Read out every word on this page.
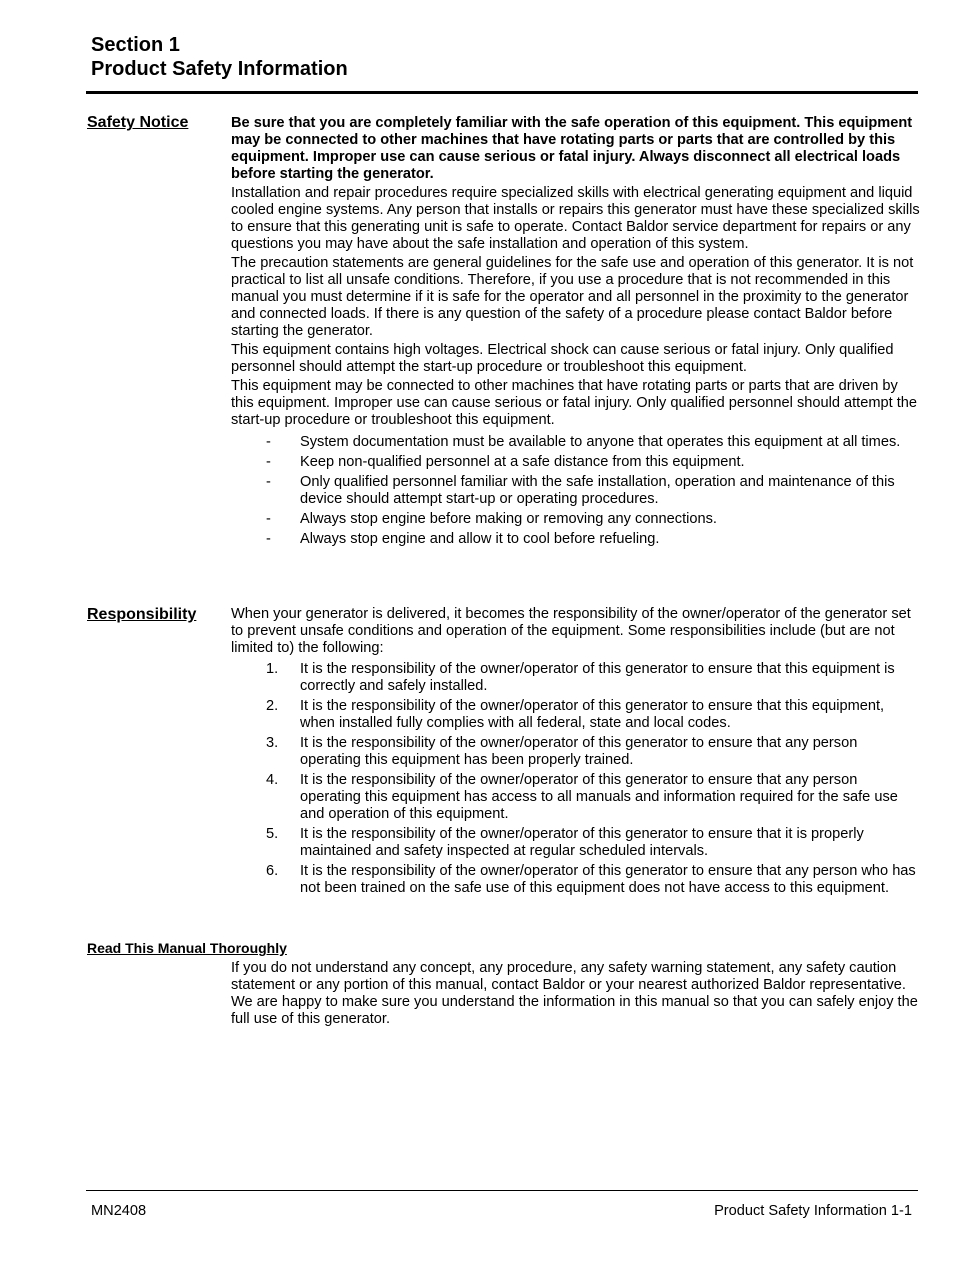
Section 1
Product Safety Information
Safety Notice	Be sure that you are completely familiar with the safe operation of this equipment. This equipment may be connected to other machines that have rotating parts or parts that are controlled by this equipment. Improper use can cause serious or fatal injury. Always disconnect all electrical loads before starting the generator.

Installation and repair procedures require specialized skills with electrical generating equipment and liquid cooled engine systems. Any person that installs or repairs this generator must have these specialized skills to ensure that this generating unit is safe to operate. Contact Baldor service department for repairs or any questions you may have about the safe installation and operation of this system.

The precaution statements are general guidelines for the safe use and operation of this generator. It is not practical to list all unsafe conditions. Therefore, if you use a procedure that is not recommended in this manual you must determine if it is safe for the operator and all personnel in the proximity to the generator and connected loads. If there is any question of the safety of a procedure please contact Baldor before starting the generator.

This equipment contains high voltages. Electrical shock can cause serious or fatal injury. Only qualified personnel should attempt the start-up procedure or troubleshoot this equipment.

This equipment may be connected to other machines that have rotating parts or parts that are driven by this equipment. Improper use can cause serious or fatal injury. Only qualified personnel should attempt the start-up procedure or troubleshoot this equipment.

- System documentation must be available to anyone that operates this equipment at all times.
- Keep non-qualified personnel at a safe distance from this equipment.
- Only qualified personnel familiar with the safe installation, operation and maintenance of this device should attempt start-up or operating procedures.
- Always stop engine before making or removing any connections.
- Always stop engine and allow it to cool before refueling.
Responsibility When your generator is delivered, it becomes the responsibility of the owner/operator of the generator set to prevent unsafe conditions and operation of the equipment. Some responsibilities include (but are not limited to) the following:

1. It is the responsibility of the owner/operator of this generator to ensure that this equipment is correctly and safely installed.
2. It is the responsibility of the owner/operator of this generator to ensure that this equipment, when installed fully complies with all federal, state and local codes.
3. It is the responsibility of the owner/operator of this generator to ensure that any person operating this equipment has been properly trained.
4. It is the responsibility of the owner/operator of this generator to ensure that any person operating this equipment has access to all manuals and information required for the safe use and operation of this equipment.
5. It is the responsibility of the owner/operator of this generator to ensure that it is properly maintained and safety inspected at regular scheduled intervals.
6. It is the responsibility of the owner/operator of this generator to ensure that any person who has not been trained on the safe use of this equipment does not have access to this equipment.
Read This Manual Thoroughly

If you do not understand any concept, any procedure, any safety warning statement, any safety caution statement or any portion of this manual, contact Baldor or your nearest authorized Baldor representative. We are happy to make sure you understand the information in this manual so that you can safely enjoy the full use of this generator.

MN2408	Product Safety Information 1-1
